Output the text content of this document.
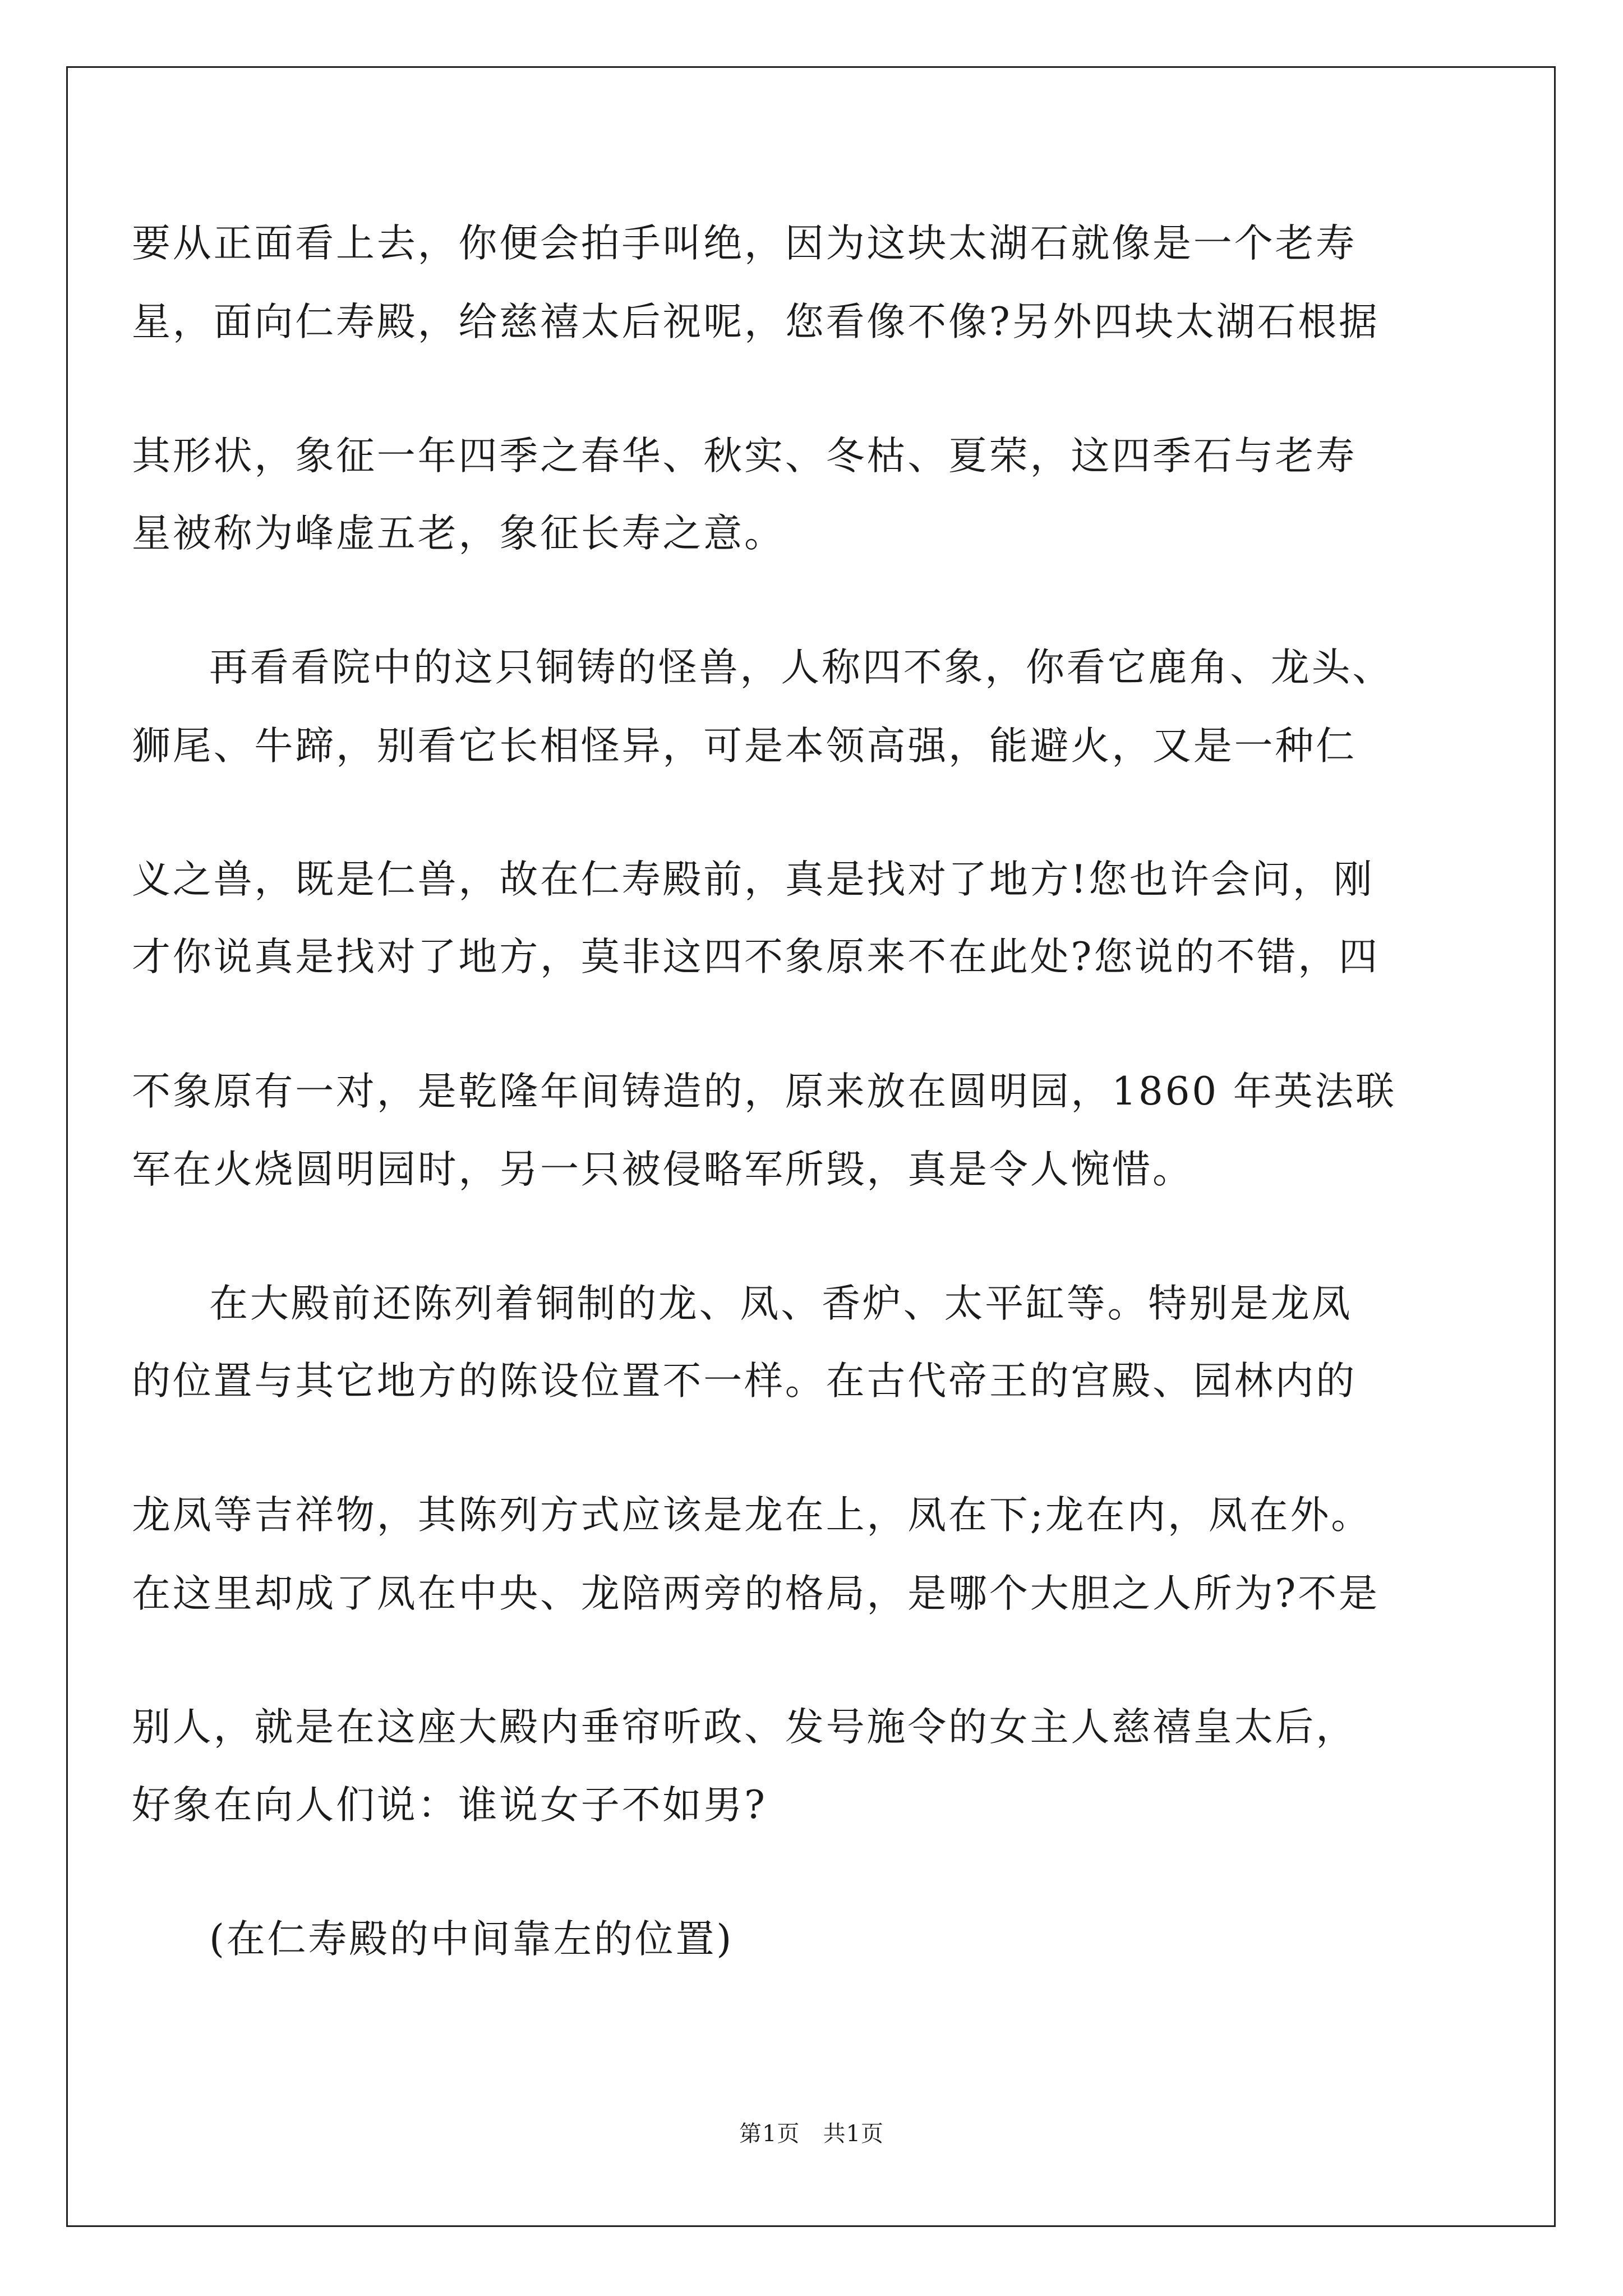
要从正面看上去，你便会拍手叫绝，因为这块太湖石就像是一个老寿
星，面向仁寿殿，给慈禧太后祝呢，您看像不像?另外四块太湖石根据
其形状，象征一年四季之春华、秋实、冬枯、夏荣，这四季石与老寿
星被称为峰虚五老，象征长寿之意。
再看看院中的这只铜铸的怪兽，人称四不象，你看它鹿角、龙头、
狮尾、牛蹄，别看它长相怪异，可是本领高强，能避火，又是一种仁
义之兽，既是仁兽，故在仁寿殿前，真是找对了地方!您也许会问，刚
才你说真是找对了地方，莫非这四不象原来不在此处?您说的不错，四
不象原有一对，是乾隆年间铸造的，原来放在圆明园，1860 年英法联
军在火烧圆明园时，另一只被侵略军所毁，真是令人惋惜。
在大殿前还陈列着铜制的龙、凤、香炉、太平缸等。特别是龙凤
的位置与其它地方的陈设位置不一样。在古代帝王的宫殿、园林内的
龙凤等吉祥物，其陈列方式应该是龙在上，凤在下;龙在内，凤在外。
在这里却成了凤在中央、龙陪两旁的格局，是哪个大胆之人所为?不是
别人，就是在这座大殿内垂帘听政、发号施令的女主人慈禧皇太后，
好象在向人们说：谁说女子不如男?
(在仁寿殿的中间靠左的位置)
第1页 共1页
